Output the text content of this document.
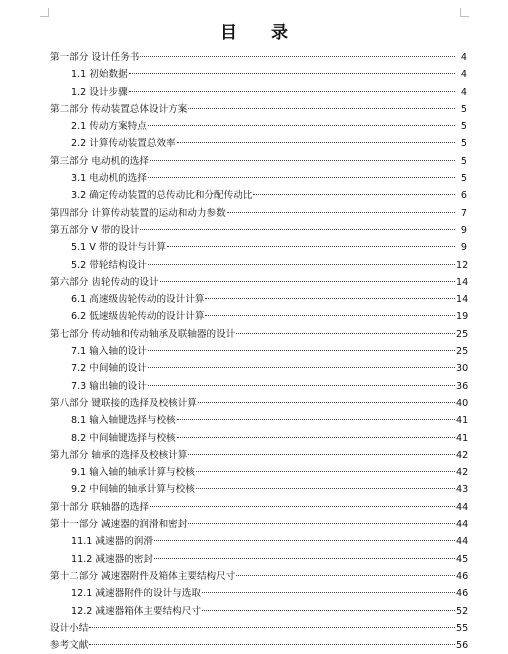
目 录
第一部分 设计任务书	4
1.1 初始数据	4
1.2 设计步骤	4
第二部分 传动装置总体设计方案	5
2.1 传动方案特点	5
2.2 计算传动装置总效率	5
第三部分 电动机的选择	5
3.1 电动机的选择	5
3.2 确定传动装置的总传动比和分配传动比	6
第四部分 计算传动装置的运动和动力参数	7
第五部分 V 带的设计	9
5.1 V 带的设计与计算	9
5.2 带轮结构设计	12
第六部分 齿轮传动的设计	14
6.1 高速级齿轮传动的设计计算	14
6.2 低速级齿轮传动的设计计算	19
第七部分 传动轴和传动轴承及联轴器的设计	25
7.1 输入轴的设计	25
7.2 中间轴的设计	30
7.3 输出轴的设计	36
第八部分 键联接的选择及校核计算	40
8.1 输入轴键选择与校核	41
8.2 中间轴键选择与校核	41
第九部分 轴承的选择及校核计算	42
9.1 输入轴的轴承计算与校核	42
9.2 中间轴的轴承计算与校核	43
第十部分 联轴器的选择	44
第十一部分 减速器的润滑和密封	44
11.1 减速器的润滑	44
11.2 减速器的密封	45
第十二部分 减速器附件及箱体主要结构尺寸	46
12.1 减速器附件的设计与选取	46
12.2 减速器箱体主要结构尺寸	52
设计小结	55
参考文献	56
